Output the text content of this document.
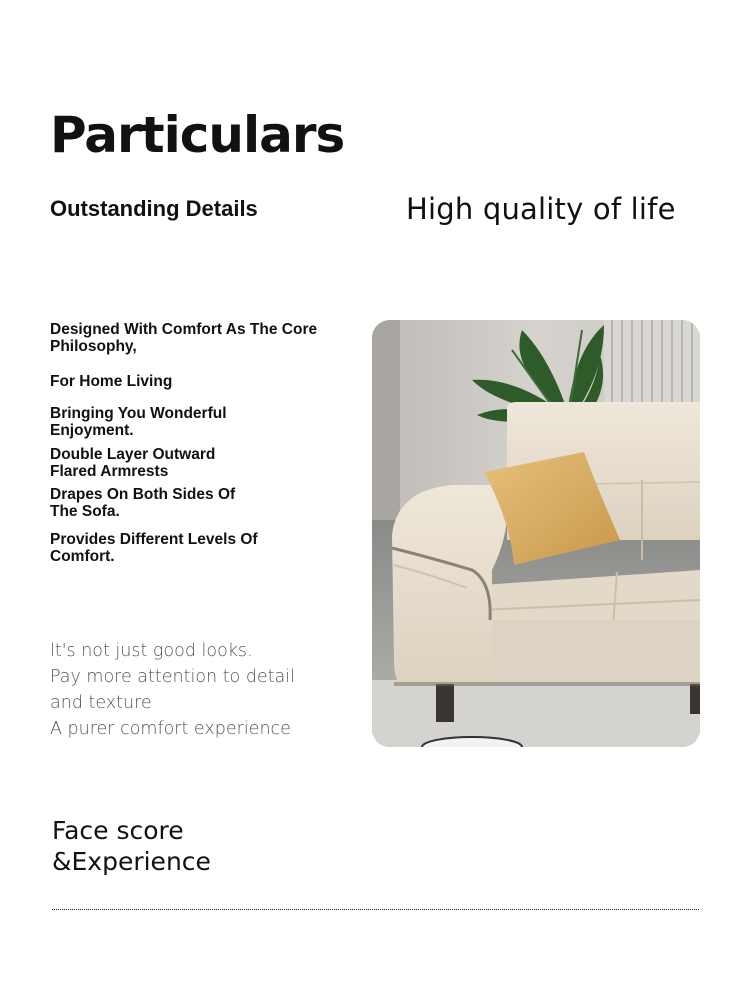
Particulars
Outstanding Details	High quality of life
Designed With Comfort As The Core Philosophy,
For Home Living
Bringing You Wonderful Enjoyment.
Double Layer Outward Flared Armrests
Drapes On Both Sides Of The Sofa.
Provides Different Levels Of Comfort.
lt's not just good looks.
Pay more attention to detail
and texture
A purer comfort experience
Face score
&Experience
